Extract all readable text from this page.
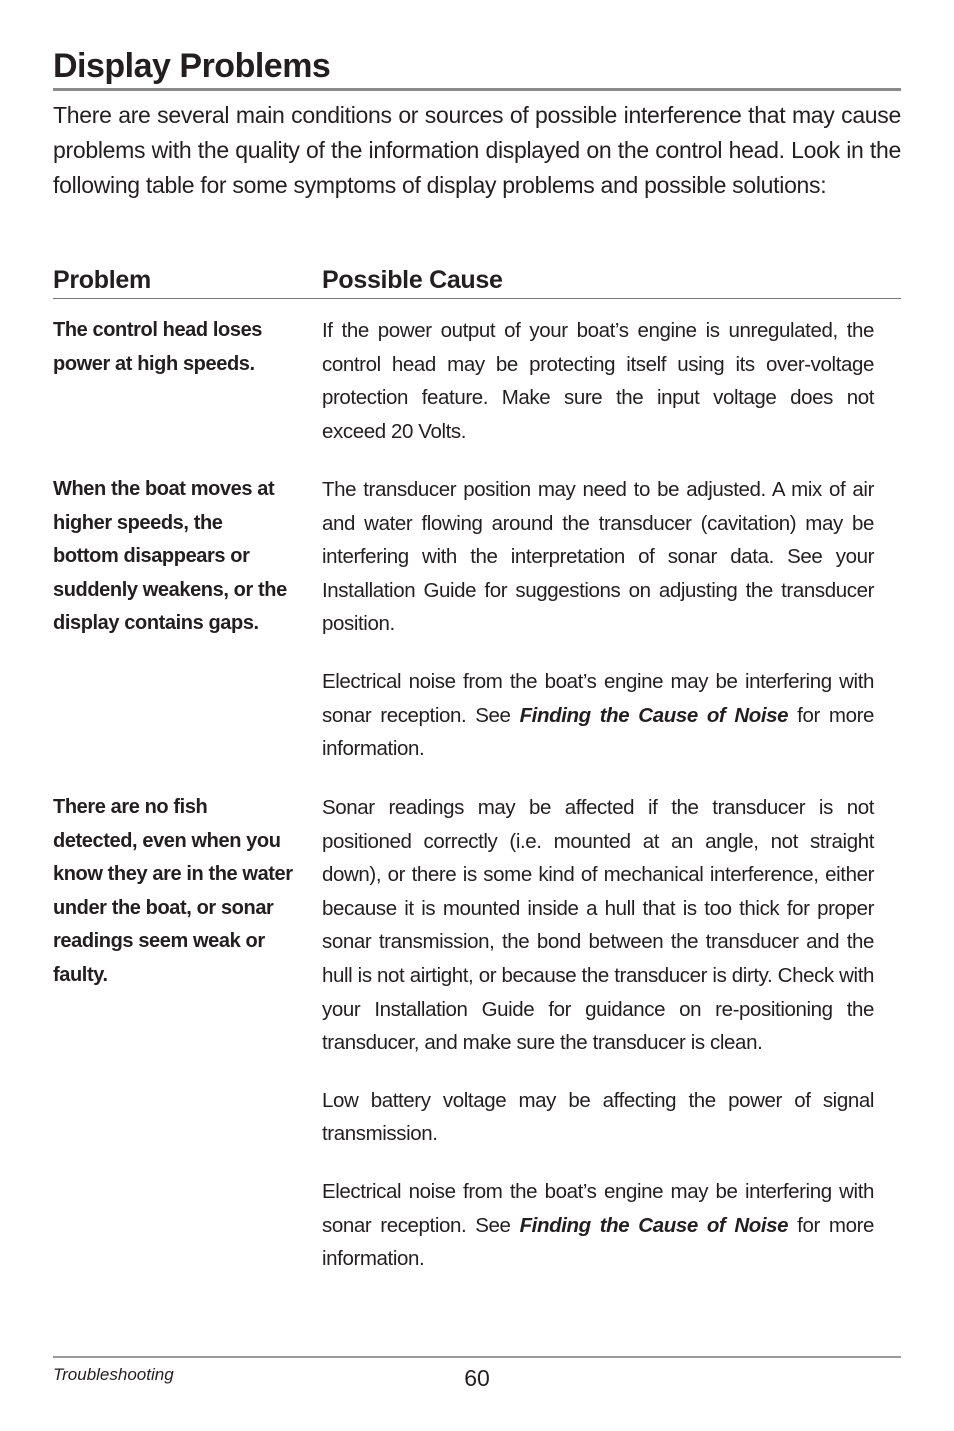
Display Problems

There are several main conditions or sources of possible interference that may cause problems with the quality of the information displayed on the control head. Look in the following table for some symptoms of display problems and possible solutions:

Problem	Possible Cause

The control head loses power at high speeds.

If the power output of your boat’s engine is unregulated, the control head may be protecting itself using its over-voltage protection feature. Make sure the input voltage does not exceed 20 Volts.

When the boat moves at higher speeds, the bottom disappears or suddenly weakens, or the display contains gaps.

The transducer position may need to be adjusted. A mix of air and water flowing around the transducer (cavitation) may be interfering with the interpretation of sonar data. See your Installation Guide for suggestions on adjusting the transducer position.

Electrical noise from the boat’s engine may be interfering with sonar reception. See Finding the Cause of Noise for more information.

There are no fish detected, even when you know they are in the water under the boat, or sonar readings seem weak or faulty.

Sonar readings may be affected if the transducer is not positioned correctly (i.e. mounted at an angle, not straight down), or there is some kind of mechanical interference, either because it is mounted inside a hull that is too thick for proper sonar transmission, the bond between the transducer and the hull is not airtight, or because the transducer is dirty. Check with your Installation Guide for guidance on re-positioning the transducer, and make sure the transducer is clean.

Low battery voltage may be affecting the power of signal transmission.

Electrical noise from the boat’s engine may be interfering with sonar reception. See Finding the Cause of Noise for more information.

Troubleshooting	60
